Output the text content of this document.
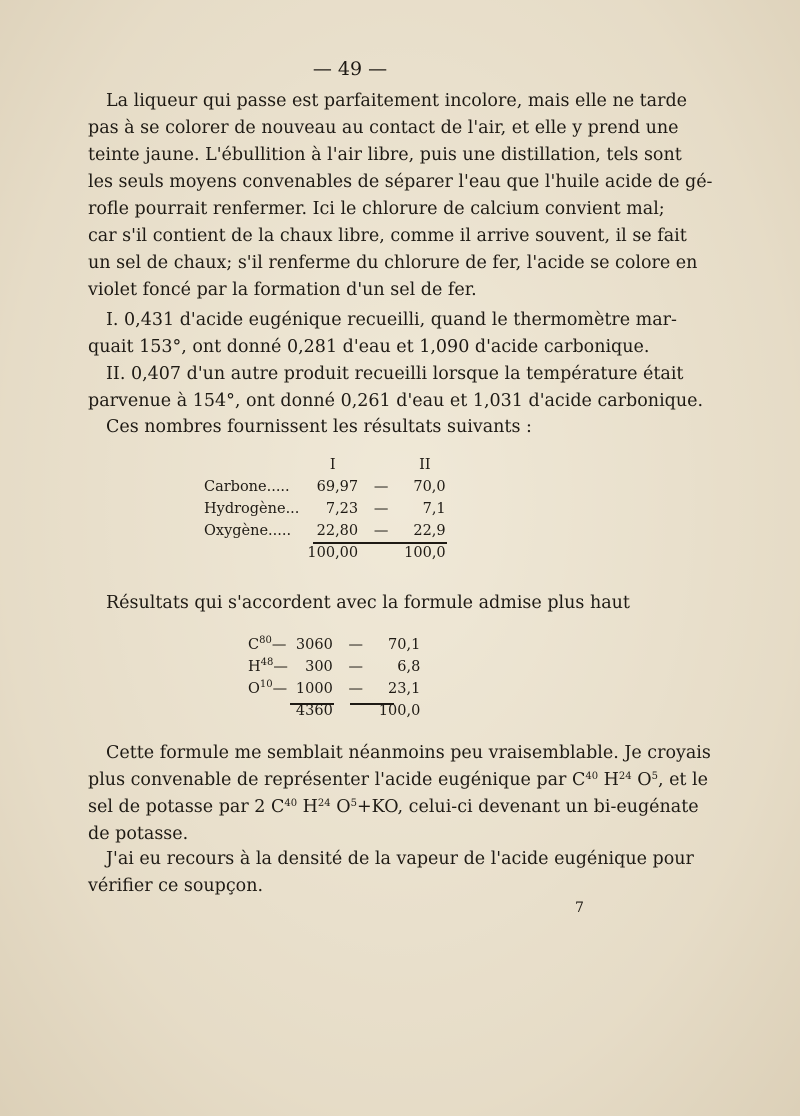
— 49 —
La liqueur qui passe est parfaitement incolore, mais elle ne tarde
pas à se colorer de nouveau au contact de l'air, et elle y prend une
teinte jaune. L'ébullition à l'air libre, puis une distillation, tels sont
les seuls moyens convenables de séparer l'eau que l'huile acide de gé-
rofle pourrait renfermer. Ici le chlorure de calcium convient mal;
car s'il contient de la chaux libre, comme il arrive souvent, il se fait
un sel de chaux; s'il renferme du chlorure de fer, l'acide se colore en
violet foncé par la formation d'un sel de fer.
I. 0,431 d'acide eugénique recueilli, quand le thermomètre mar-
quait 153°, ont donné 0,281 d'eau et 1,090 d'acide carbonique.
II. 0,407 d'un autre produit recueilli lorsque la température était
parvenue à 154°, ont donné 0,261 d'eau et 1,031 d'acide carbonique.
Ces nombres fournissent les résultats suivants :
	I		II
Carbone.....	69,97	—	70,0
Hydrogène...	7,23	—	7,1
Oxygène.....	22,80	—	22,9
	100,00		100,0
Résultats qui s'accordent avec la formule admise plus haut
$C^{80}—$	3060	—	70,1
$H^{48}—$	300	—	6,8
$O^{10}—$	1000	—	23,1
	4360		100,0
Cette formule me semblait néanmoins peu vraisemblable. Je croyais
plus convenable de représenter l'acide eugénique par $C^{40}$ $H^{24}$ $O^5$, et le
sel de potasse par 2 $C^{40}$ $H^{24}$ $O^5+KO$, celui-ci devenant un bi-eugénate
de potasse.
J'ai eu recours à la densité de la vapeur de l'acide eugénique pour
vérifier ce soupçon.
7
